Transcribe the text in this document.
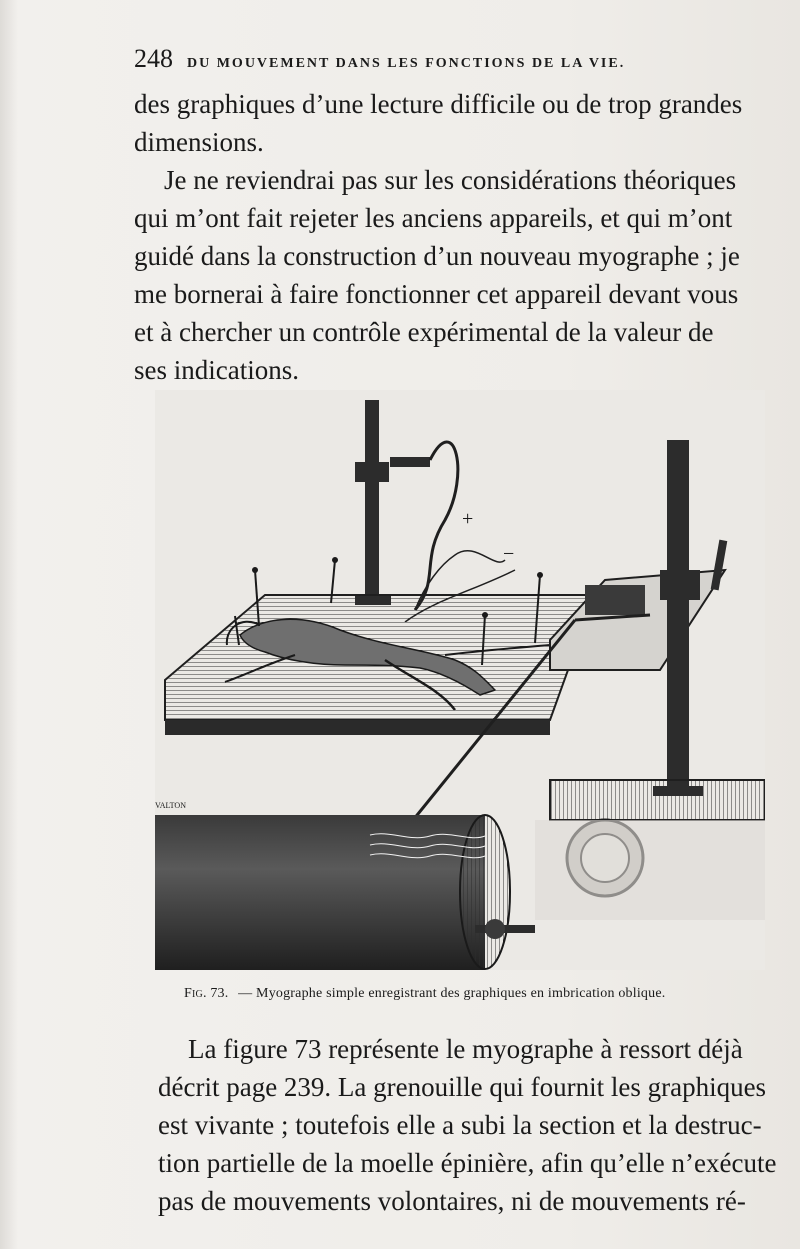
248 DU MOUVEMENT DANS LES FONCTIONS DE LA VIE.
des graphiques d’une lecture difficile ou de trop grandes
dimensions.
Je ne reviendrai pas sur les considérations théoriques
qui m’ont fait rejeter les anciens appareils, et qui m’ont
guidé dans la construction d’un nouveau myographe ; je
me bornerai à faire fonctionner cet appareil devant vous
et à chercher un contrôle expérimental de la valeur de
ses indications.
+
−
VALTON
Fig. 73. — Myographe simple enregistrant des graphiques en imbrication oblique.
La figure 73 représente le myographe à ressort déjà
décrit page 239. La grenouille qui fournit les graphiques
est vivante ; toutefois elle a subi la section et la destruc-
tion partielle de la moelle épinière, afin qu’elle n’exécute
pas de mouvements volontaires, ni de mouvements ré-
